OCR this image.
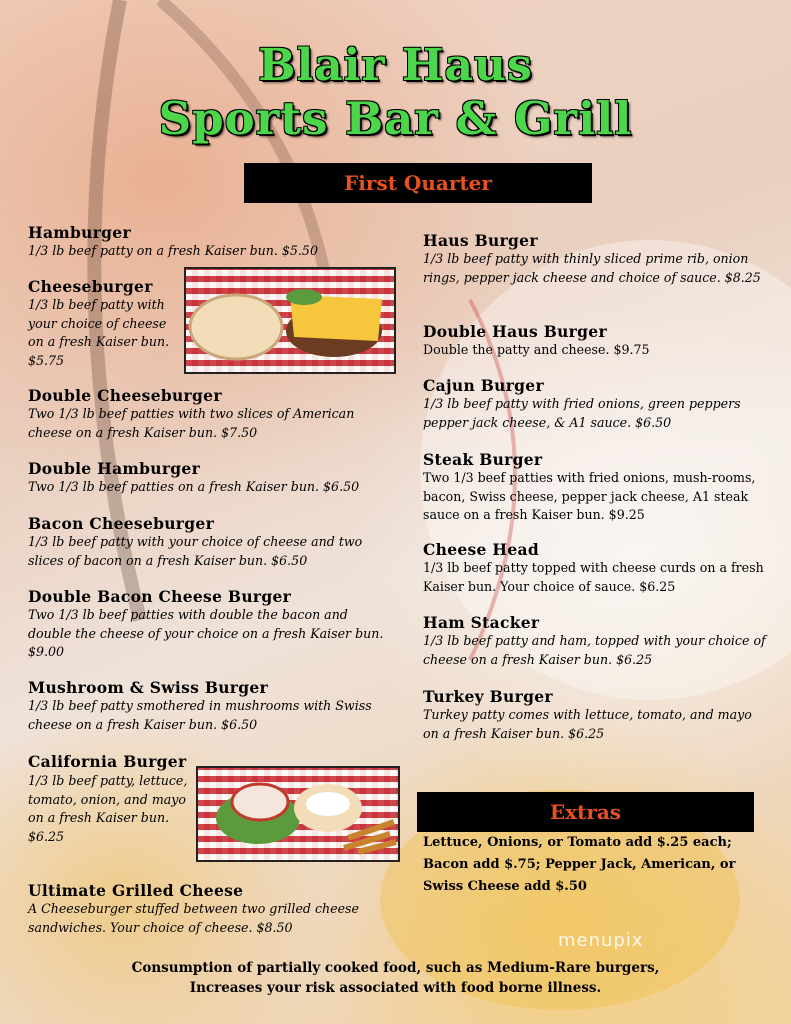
Blair Haus
Sports Bar & Grill
First Quarter
Hamburger
1/3 lb beef patty on a fresh Kaiser bun. $5.50
Cheeseburger
1/3 lb beef patty with your choice of cheese on a fresh Kaiser bun. $5.75
Double Cheeseburger
Two 1/3 lb beef patties with two slices of American cheese on a fresh Kaiser bun. $7.50
Double Hamburger
Two 1/3 lb beef patties on a fresh Kaiser bun. $6.50
Bacon Cheeseburger
1/3 lb beef patty with your choice of cheese and two slices of bacon on a fresh Kaiser bun. $6.50
Double Bacon Cheese Burger
Two 1/3 lb beef patties with double the bacon and double the cheese of your choice on a fresh Kaiser bun. $9.00
Mushroom & Swiss Burger
1/3 lb beef patty smothered in mushrooms with Swiss cheese on a fresh Kaiser bun. $6.50
California Burger
1/3 lb beef patty, lettuce, tomato, onion, and mayo on a fresh Kaiser bun. $6.25
Ultimate Grilled Cheese
A Cheeseburger stuffed between two grilled cheese sandwiches. Your choice of cheese. $8.50
Haus Burger
1/3 lb beef patty with thinly sliced prime rib, onion rings, pepper jack cheese and choice of sauce. $8.25
Double Haus Burger
Double the patty and cheese. $9.75
Cajun Burger
1/3 lb beef patty with fried onions, green peppers pepper jack cheese, & A1 sauce. $6.50
Steak Burger
Two 1/3 beef patties with fried onions, mush-rooms, bacon, Swiss cheese, pepper jack cheese, A1 steak sauce on a fresh Kaiser bun. $9.25
Cheese Head
1/3 lb beef patty topped with cheese curds on a fresh Kaiser bun. Your choice of sauce. $6.25
Ham Stacker
1/3 lb beef patty and ham, topped with your choice of cheese on a fresh Kaiser bun. $6.25
Turkey Burger
Turkey patty comes with lettuce, tomato, and mayo on a fresh Kaiser bun. $6.25
Extras
Lettuce, Onions, or Tomato add $.25 each; Bacon add $.75; Pepper Jack, American, or Swiss Cheese add $.50
menupix
Consumption of partially cooked food, such as Medium-Rare burgers,
Increases your risk associated with food borne illness.
